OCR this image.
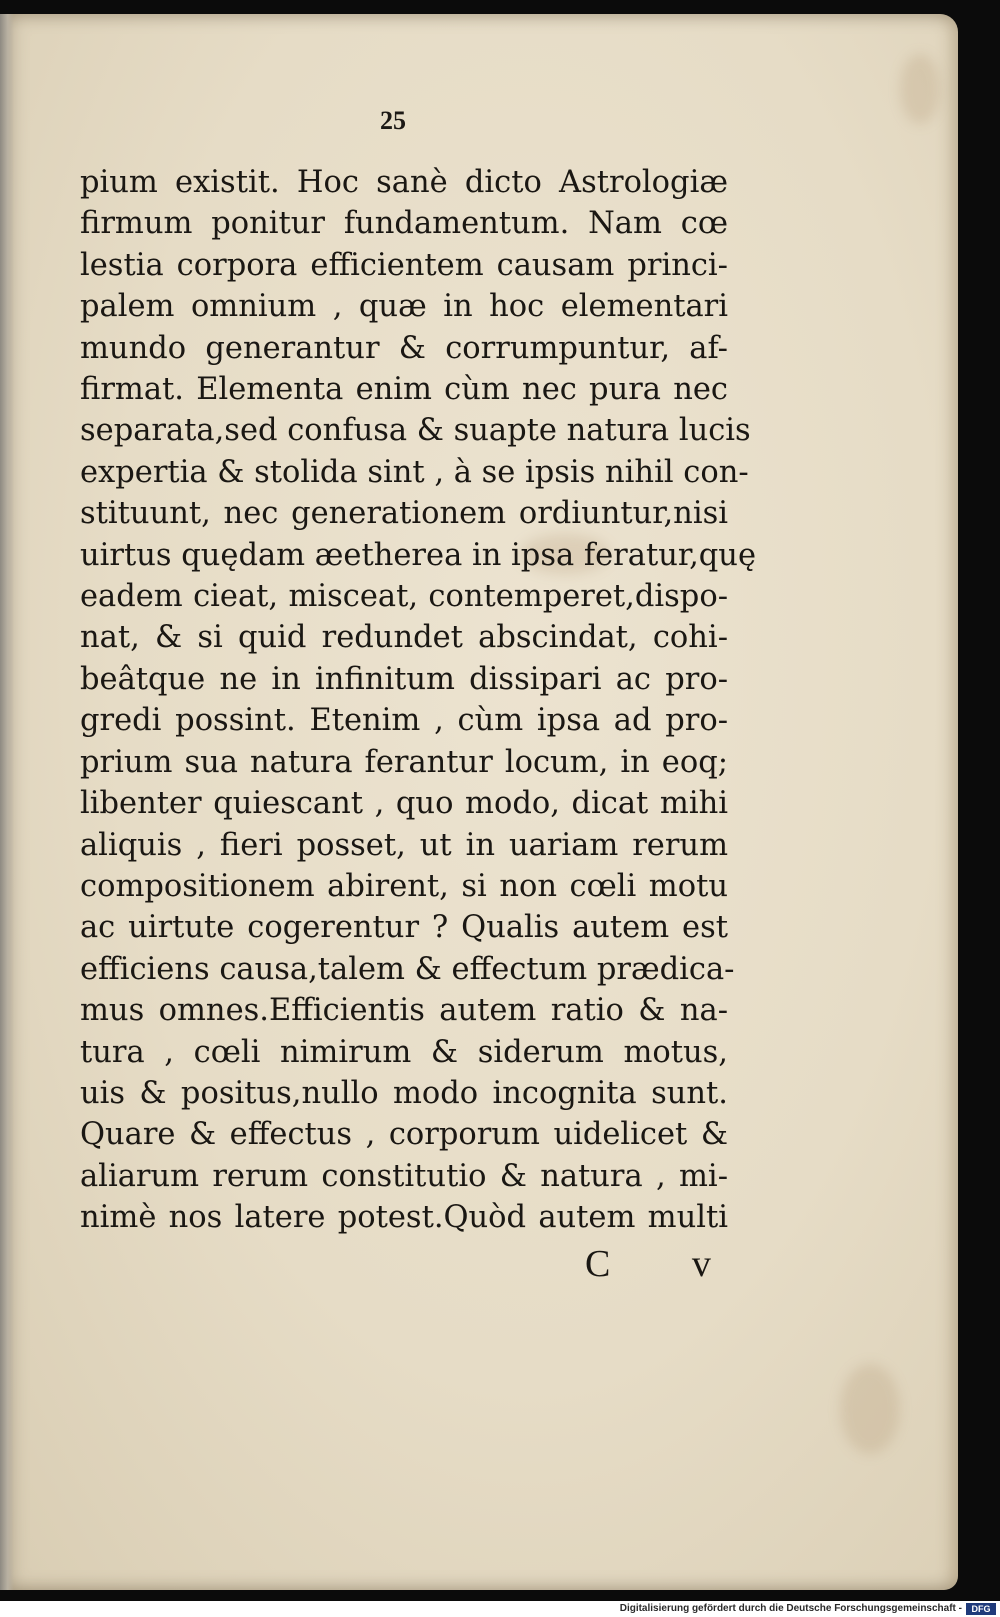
25
pium existit. Hoc sanè dicto Astrologiæ
firmum ponitur fundamentum. Nam cœ
lestia corpora efficientem causam princi-
palem omnium , quæ in hoc elementari
mundo generantur & corrumpuntur, af-
firmat. Elementa enim cùm nec pura nec
separata,sed confusa & suapte natura lucis
expertia & stolida sint , à se ipsis nihil con-
stituunt, nec generationem ordiuntur,nisi
uirtus quędam æetherea in ipsa feratur,quę
eadem cieat, misceat, contemperet,dispo-
nat, & si quid redundet abscindat, cohi-
beâtque ne in infinitum dissipari ac pro-
gredi possint. Etenim , cùm ipsa ad pro-
prium sua natura ferantur locum, in eoq;
libenter quiescant , quo modo, dicat mihi
aliquis , fieri posset, ut in uariam rerum
compositionem abirent, si non cœli motu
ac uirtute cogerentur ? Qualis autem est
efficiens causa,talem & effectum prædica-
mus omnes.Efficientis autem ratio & na-
tura , cœli nimirum & siderum motus,
uis & positus,nullo modo incognita sunt.
Quare & effectus , corporum uidelicet &
aliarum rerum constitutio & natura , mi-
nimè nos latere potest.Quòd autem multi
C v
Digitalisierung gefördert durch die Deutsche Forschungsgemeinschaft -	DFG
